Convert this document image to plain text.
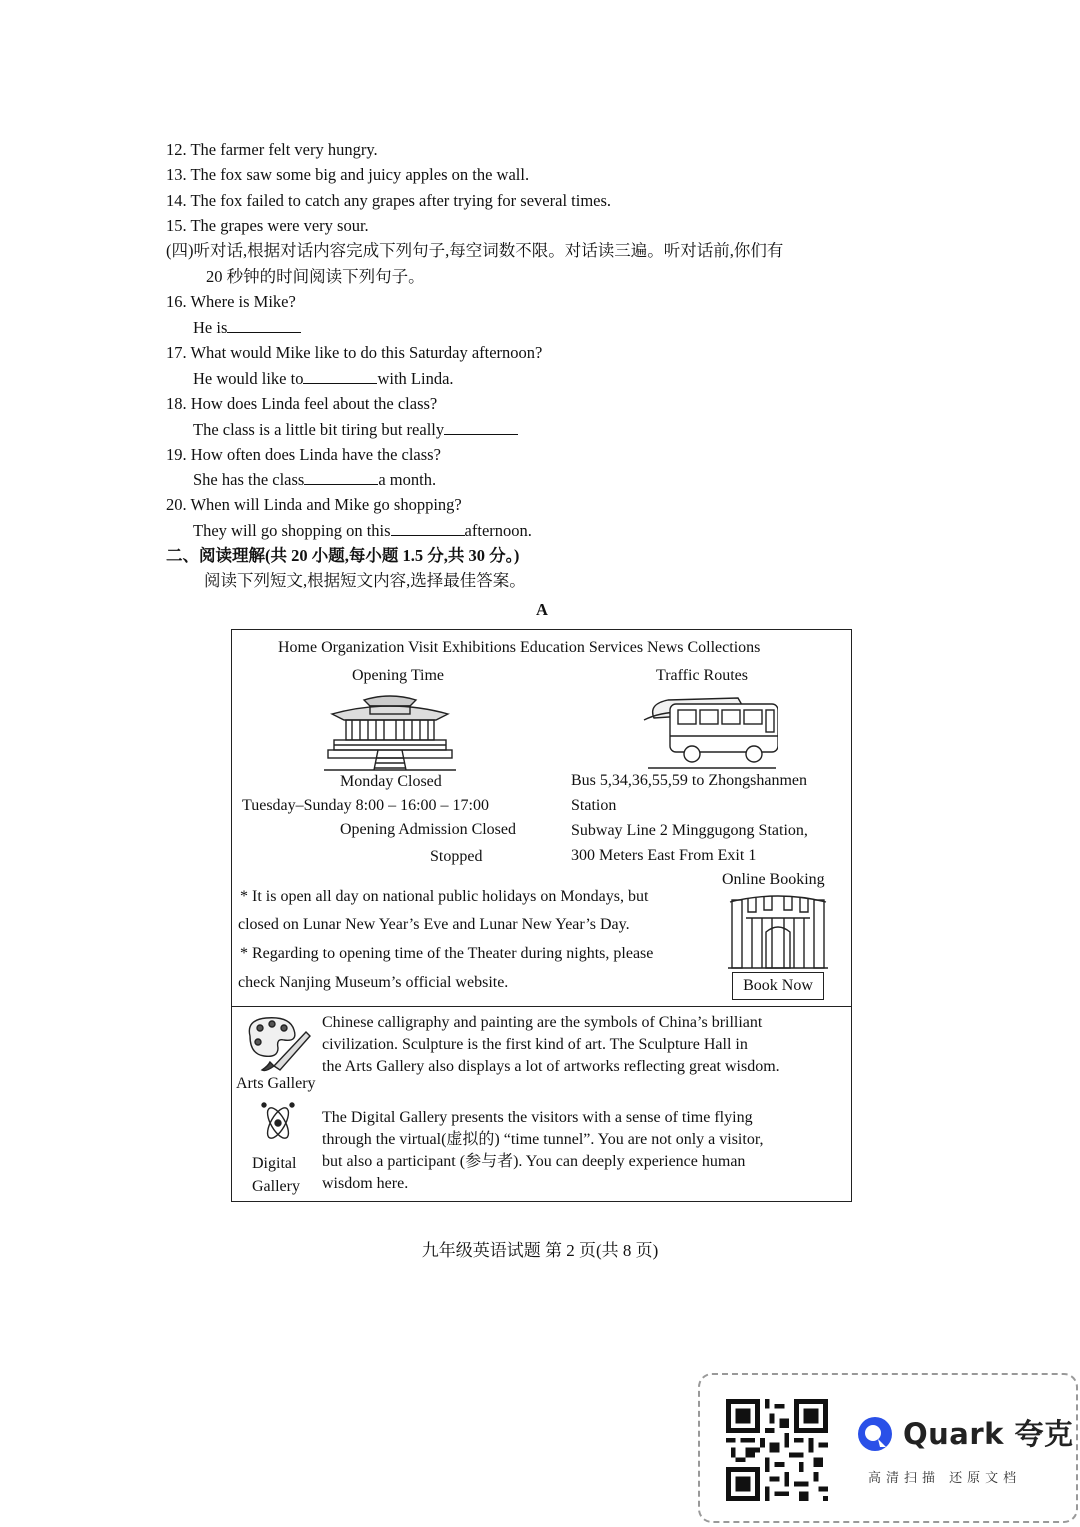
12. The farmer felt very hungry.
13. The fox saw some big and juicy apples on the wall.
14. The fox failed to catch any grapes after trying for several times.
15. The grapes were very sour.
(四)听对话,根据对话内容完成下列句子,每空词数不限。对话读三遍。听对话前,你们有
20 秒钟的时间阅读下列句子。
16. Where is Mike?
He is
17. What would Mike like to do this Saturday afternoon?
He would like to	with Linda.
18. How does Linda feel about the class?
The class is a little bit tiring but really
19. How often does Linda have the class?
She has the class	a month.
20. When will Linda and Mike go shopping?
They will go shopping on this	afternoon.
二、阅读理解(共 20 小题,每小题 1.5 分,共 30 分。)
阅读下列短文,根据短文内容,选择最佳答案。
A
Home Organization Visit Exhibitions Education Services News Collections
Opening Time	Traffic Routes
Monday Closed
Tuesday–Sunday 8:00 – 16:00 – 17:00
Opening Admission Closed
Stopped
Bus 5,34,36,55,59 to Zhongshanmen
Station
Subway Line 2 Minggugong Station,
300 Meters East From Exit 1
Online Booking
* It is open all day on national public holidays on Mondays, but
closed on Lunar New Year’s Eve and Lunar New Year’s Day.
* Regarding to opening time of the Theater during nights, please
check Nanjing Museum’s official website.	Book Now
Arts Gallery
Chinese calligraphy and painting are the symbols of China’s brilliant
civilization. Sculpture is the first kind of art. The Sculpture Hall in
the Arts Gallery also displays a lot of artworks reflecting great wisdom.
Digital
Gallery
The Digital Gallery presents the visitors with a sense of time flying
through the virtual(虚拟的) “time tunnel”. You are not only a visitor,
but also a participant (参与者). You can deeply experience human
wisdom here.
九年级英语试题 第 2 页(共 8 页)
Quark 夸克
高清扫描 还原文档
